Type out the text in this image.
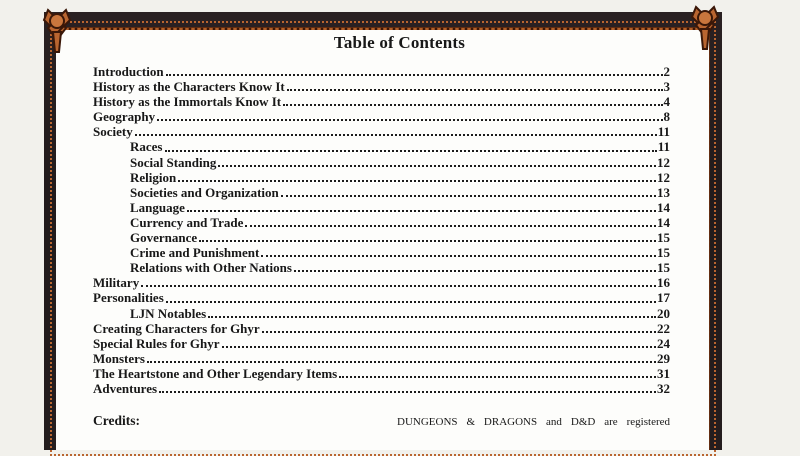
Table of Contents
Introduction	2
History as the Characters Know It	3
History as the Immortals Know It	4
Geography	8
Society	11
Races	11
Social Standing	12
Religion	12
Societies and Organization	13
Language	14
Currency and Trade	14
Governance	15
Crime and Punishment	15
Relations with Other Nations	15
Military	16
Personalities	17
LJN Notables	20
Creating Characters for Ghyr	22
Special Rules for Ghyr	24
Monsters	29
The Heartstone and Other Legendary Items	31
Adventures	32
Credits:	DUNGEONS & DRAGONS and D&D are registered
